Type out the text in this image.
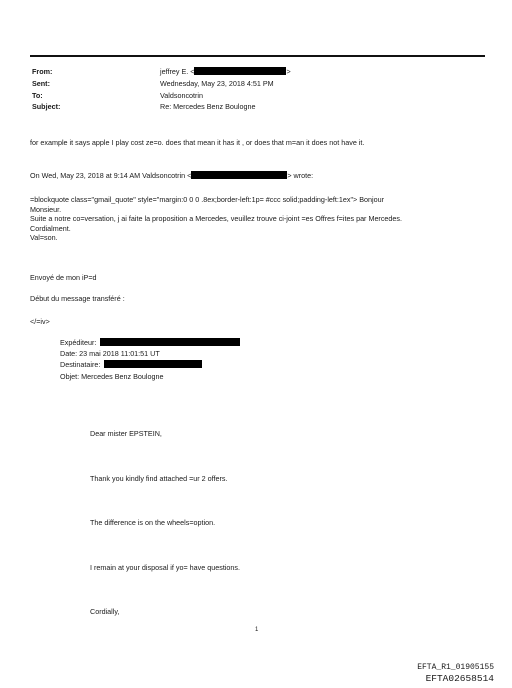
From:
Sent:
To:
Subject:
jeffrey E. <	>
Wednesday, May 23, 2018 4:51 PM
Valdsoncotrin
Re: Mercedes Benz Boulogne
for example it says apple I play cost ze=o. does that mean it has it , or does that m=an it does not have it.
On Wed, May 23, 2018 at 9:14 AM Valdsoncotrin <	> wrote:
=blockquote class="gmail_quote" style="margin:0 0 0 .8ex;border-left:1p= #ccc solid;padding-left:1ex"> Bonjour
Monsieur.
Suite a notre co=versation, j ai faite la proposition a Mercedes, veuillez trouve ci-joint =es Offres f=ites par Mercedes.
Cordialment.
Val=son.
Envoyé de mon iP=d
Début du message transféré :
</=iv>
Expéditeur:
Date: 23 mai 2018 11:01:51 UT
Destinataire:
Objet: Mercedes Benz Boulogne
Dear mister EPSTEIN,
Thank you kindly find attached =ur 2 offers.
The difference is on the wheels=option.
I remain at your disposal if yo= have questions.
Cordially,
1
EFTA_R1_01905155
EFTA02658514
